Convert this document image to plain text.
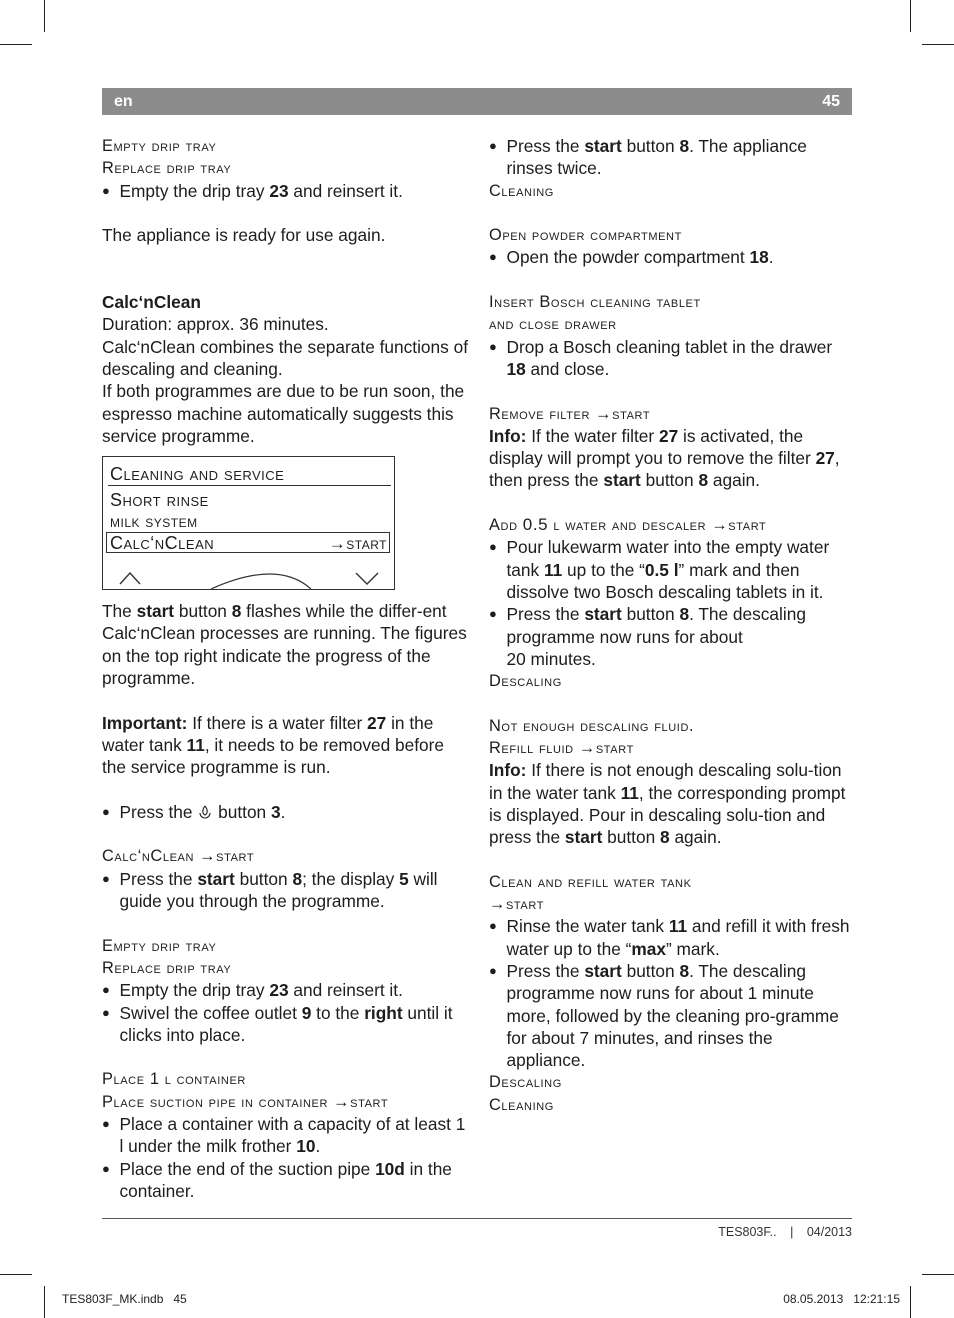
en	45
Empty drip tray
Replace drip tray
● Empty the drip tray 23 and reinsert it.
The appliance is ready for use again.
Calc‘nClean
Duration: approx. 36 minutes.
Calc‘nClean combines the separate functions of descaling and cleaning.
If both programmes are due to be run soon, the espresso machine automatically suggests this service programme.
Cleaning and service
Short rinse
milk system
Calc‘nClean	→start
The start button 8 flashes while the differ-ent Calc‘nClean processes are running. The figures on the top right indicate the progress of the programme.
Important: If there is a water filter 27 in the water tank 11, it needs to be removed before the service programme is run.
● Press the  button 3.
Calc‘nClean →start
● Press the start button 8; the display 5 will guide you through the programme.
Empty drip tray
Replace drip tray
● Empty the drip tray 23 and reinsert it.
● Swivel the coffee outlet 9 to the right until it clicks into place.
Place 1 l container
Place suction pipe in container →start
● Place a container with a capacity of at least 1 l under the milk frother 10.
● Place the end of the suction pipe 10d in the container.
● Press the start button 8. The appliance rinses twice.
Cleaning
Open powder compartment
● Open the powder compartment 18.
Insert Bosch cleaning tablet
and close drawer
● Drop a Bosch cleaning tablet in the drawer 18 and close.
Remove filter →start
Info: If the water filter 27 is activated, the display will prompt you to remove the filter 27, then press the start button 8 again.
Add 0.5 l water and descaler →start
● Pour lukewarm water into the empty water tank 11 up to the “0.5 l” mark and then dissolve two Bosch descaling tablets in it.
● Press the start button 8. The descaling programme now runs for about
20 minutes.
Descaling
Not enough descaling fluid.
Refill fluid →start
Info: If there is not enough descaling solu-tion in the water tank 11, the corresponding prompt is displayed. Pour in descaling solu-tion and press the start button 8 again.
Clean and refill water tank
→start
● Rinse the water tank 11 and refill it with fresh water up to the “max” mark.
● Press the start button 8. The descaling programme now runs for about 1 minute more, followed by the cleaning pro-gramme for about 7 minutes, and rinses the appliance.
Descaling
Cleaning
TES803F.. | 04/2013
TES803F_MK.indb   45	08.05.2013   12:21:15
